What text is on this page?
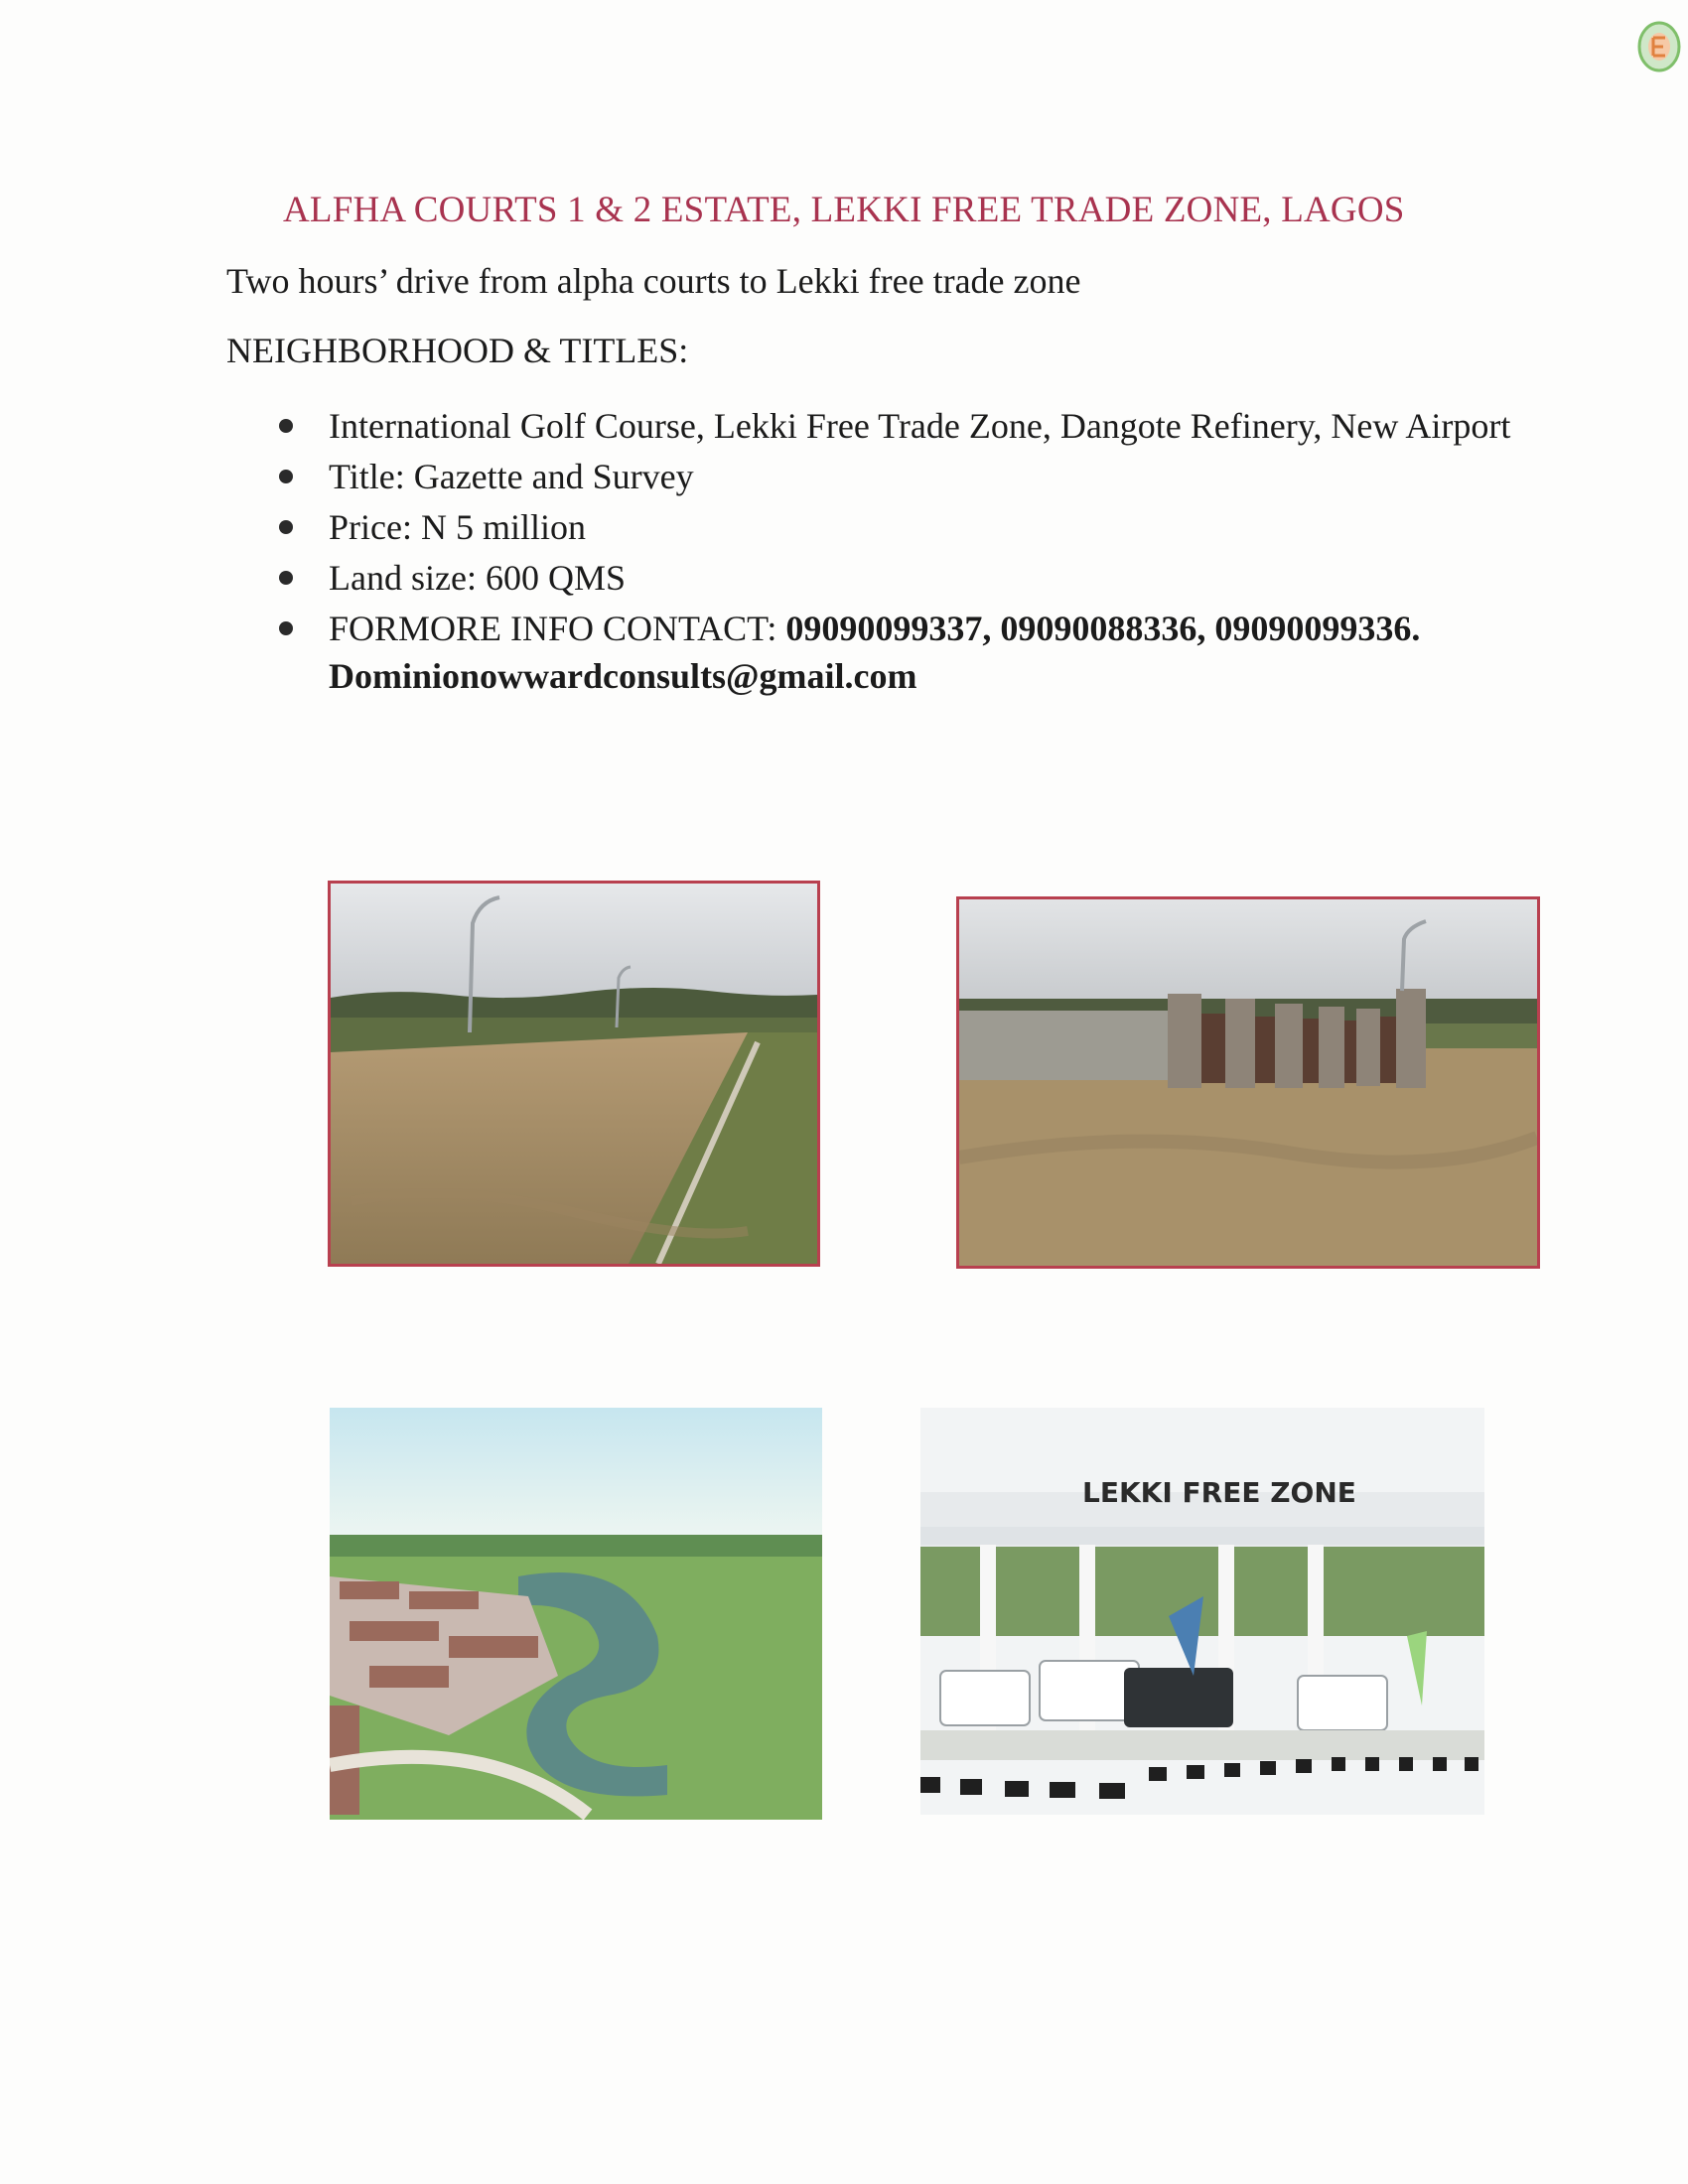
ALFHA COURTS 1 & 2 ESTATE, LEKKI FREE TRADE ZONE, LAGOS
Two hours’ drive from alpha courts to Lekki free trade zone
NEIGHBORHOOD & TITLES:
International Golf Course, Lekki Free Trade Zone, Dangote Refinery, New Airport
Title: Gazette and Survey
Price: N 5 million
Land size: 600 QMS
FORMORE INFO CONTACT: 09090099337, 09090088336, 09090099336.
Dominionowwardconsults@gmail.com
LEKKI FREE ZONE
